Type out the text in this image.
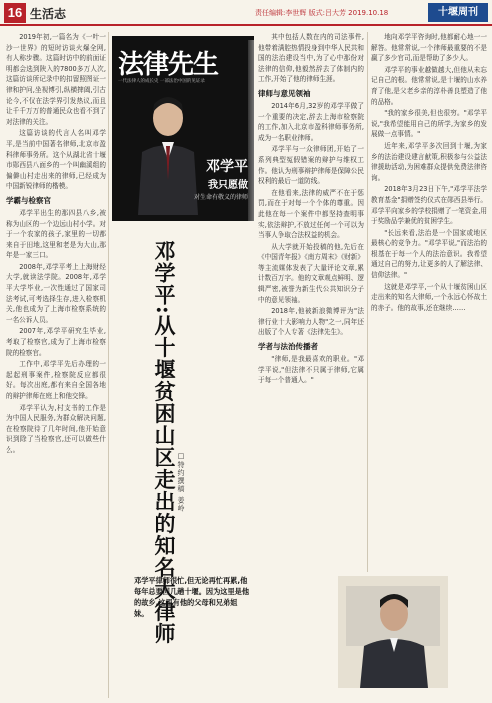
16 生活志	责任编辑:李世辉 版式:吕大芳 2019.10.18	十堰周刊

2019年初,一篇名为《一叶一沙一世界》的短时访谈火爆全网,有人称步骤。这篇时访中的前面证明都会选到陕入的7800多万人次,这篇访谈所记录中的扣留照图证一律和护问,坐视博引,纵横捭阖,引古论今,不仅在法学界引发热议,而且让千千万万的普通民众也看不到了对法律的关注。

这篇访谈的代言人名叫邓学平,是当前中国著名律师,北京市盈科律师事务所。这个从湖北省十堰市郧西县八面乡的一个叫幽溪组的偏僻山村走出来的律师,已经成为中国新锐律师的楷模。

学霸与检察官

邓学平出生的那四县八乡,被称为山区的一个边远山村小学。对于一个农家的孩子,家里的一切都来自于田地,这里和老是为大山,那年是一家三口。

2008年,邓学平考上上海财经大学,就读法学院。2008年,邓学平大学毕业,一次性通过了国家司法考试,可考选择生存,进入检察机关,他也成为了上海市检察系统的一名公诉人员。

2007年,邓学平研究生毕业,考取了检察官,成为了上海市检察院的检察官。

工作中,邓学平先后办理的一起起刑事案件,检察院反应都很好。每次出庭,都有来自全国各地的辩护律师在庭上和他交锋。

邓学平认为,村支书的工作是为中国人民服务,为群众解决问题,在检察院待了几年时间,他开始意识到除了当检察官,还可以做些什么。

法律先生
一代法律人的成长史 一部法治中国的见证录
邓学平
我只愿做
对生命有敬义的律师
邓学平:从十堰贫困山区走出的知名大律师 □特约撰稿 姜岭

其中包括人数在内的司法事件,他带着满腔热情投身到中华人民共和国的法治建设当中,为了心中那份对法律的信仰,他毅然辞去了体制内的工作,开始了他的律师生涯。

律师与意见领袖

2014年6月,32岁的邓学平做了一个重要的决定,辞去上海市检察院的工作,加入北京市盈科律师事务所,成为一名职业律师。

邓学平与一众律师团,开始了一系列典型冤假错案的辩护与维权工作。他认为刑事辩护律师是保障公民权利的最后一道防线。

在他看来,法律的威严不在于惩罚,而在于对每一个个体的尊重。因此他在每一个案件中都坚持查明事实,依法辩护,不放过任何一个可以为当事人争取合法权益的机会。

从大学就开始投稿的他,先后在《中国青年报》《南方周末》《财新》等主流媒体发表了大量评论文章,累计数百万字。他的文章观点鲜明、逻辑严密,被誉为新生代公共知识分子中的意见领袖。

2018年,他被新浪微博评为"法律行业十大影响力人物"之一,同年还出版了个人专著《法律先生》。

学者与法治传播者

"律师,是我最喜欢的职业。"邓学平说,"但法律不只属于律师,它属于每一个普通人。"

地向邓学平咨询时,他都耐心地一一解答。他常常说,一个律师最重要的不是赢了多少官司,而是帮助了多少人。

邓学平的事业越做越大,但他从未忘记自己的根。他常常说,是十堰的山水养育了他,是父老乡亲的淳朴善良塑造了他的品格。

"我的家乡很美,但也很穷。"邓学平说,"我希望能用自己的所学,为家乡的发展做一点事情。"

近年来,邓学平多次回到十堰,为家乡的法治建设建言献策,积极参与公益法律援助活动,为困难群众提供免费法律咨询。

2018年3月23日下午,"邓学平法学教育基金"捐赠签约仪式在郧西县举行。邓学平向家乡的学校捐赠了一笔资金,用于奖励品学兼优的贫困学生。

"长远来看,法治是一个国家或地区最核心的竞争力。"邓学平说,"而法治的根基在于每一个人的法治意识。我希望通过自己的努力,让更多的人了解法律、信仰法律。"

这就是邓学平,一个从十堰贫困山区走出来的知名大律师,一个永远心怀故土的赤子。他的故事,还在继续……

邓学平律师很忙,但无论再忙再累,他每年总要回几趟十堰。因为这里是他的故乡,这里有他的父母和兄弟姐妹。
